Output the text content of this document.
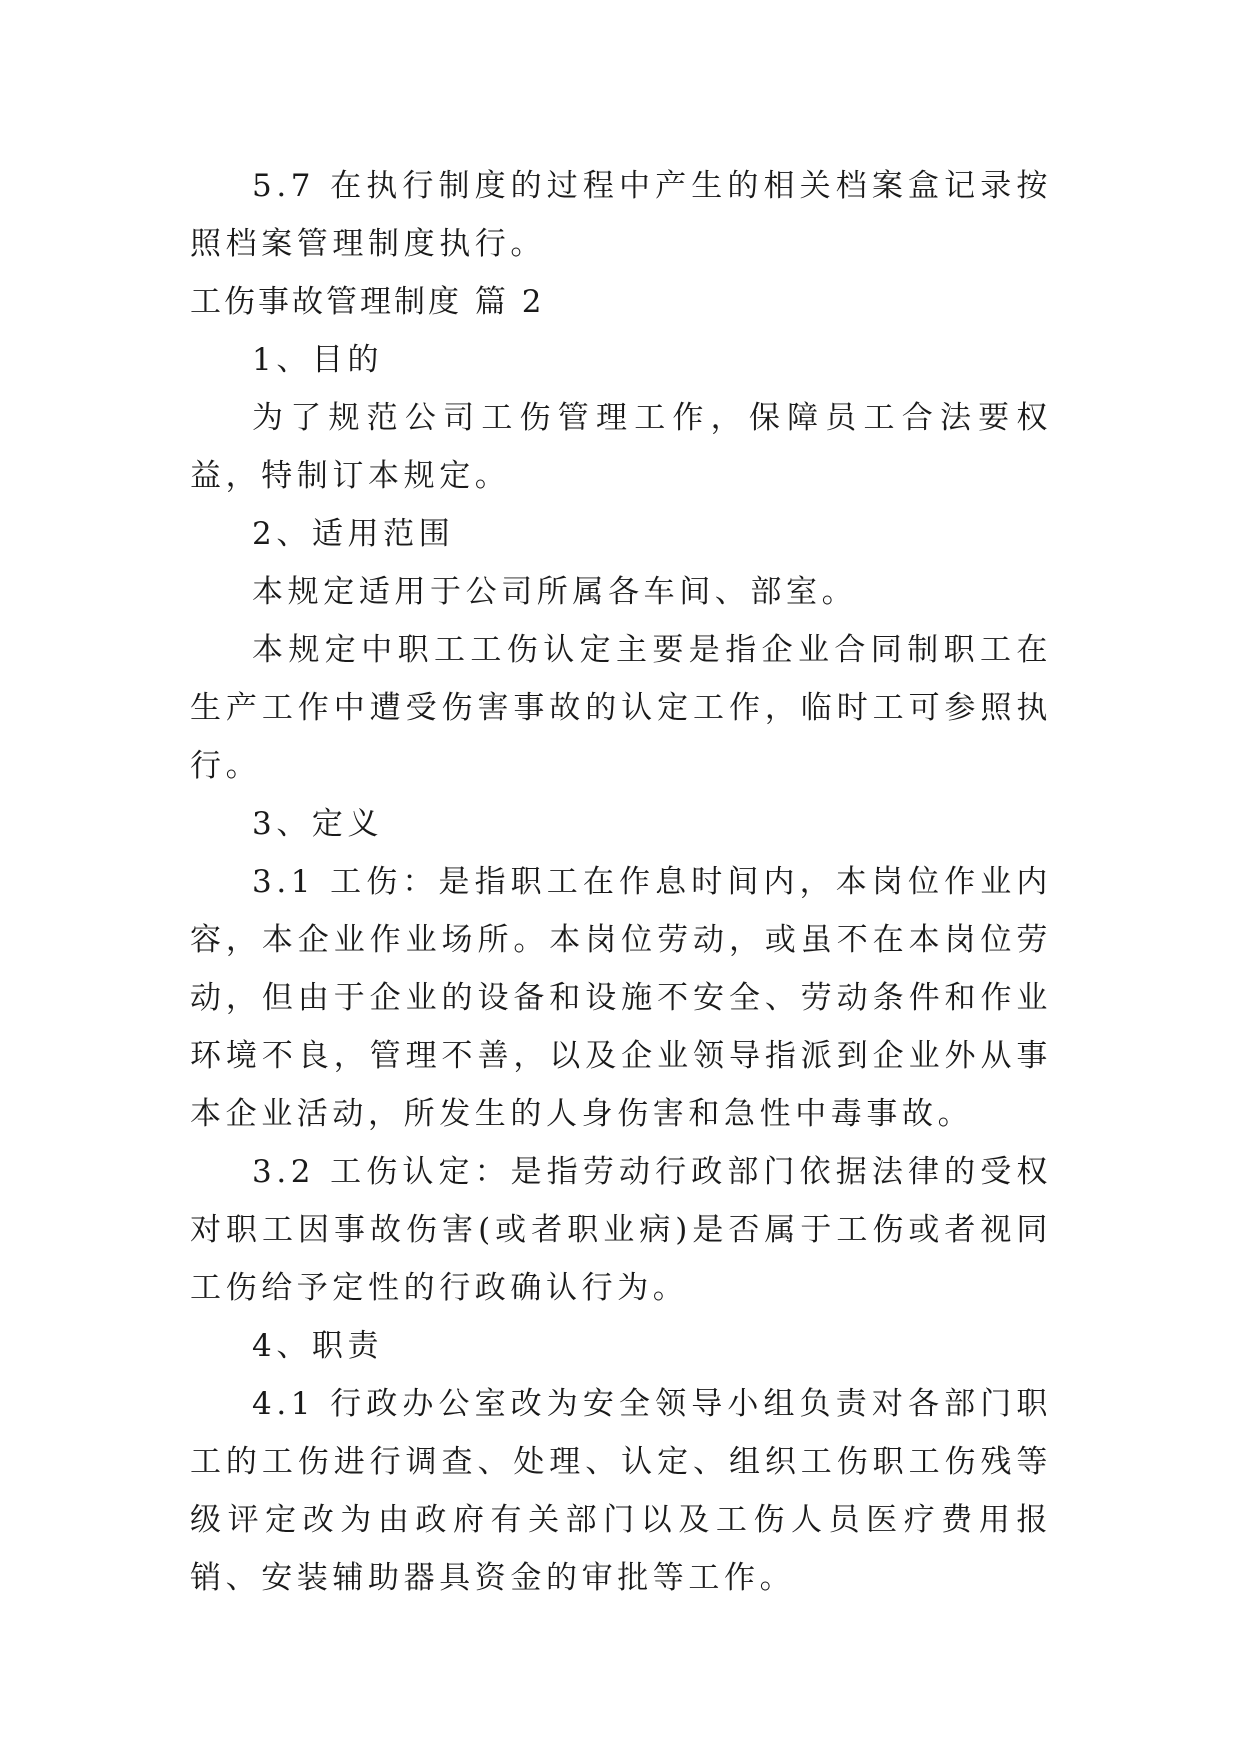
5.7 在执行制度的过程中产生的相关档案盒记录按照档案管理制度执行。

工伤事故管理制度 篇 2

1、目的

为了规范公司工伤管理工作，保障员工合法要权益，特制订本规定。

2、适用范围

本规定适用于公司所属各车间、部室。

本规定中职工工伤认定主要是指企业合同制职工在生产工作中遭受伤害事故的认定工作，临时工可参照执行。

3、定义

3.1 工伤：是指职工在作息时间内，本岗位作业内容，本企业作业场所。本岗位劳动，或虽不在本岗位劳动，但由于企业的设备和设施不安全、劳动条件和作业环境不良，管理不善，以及企业领导指派到企业外从事本企业活动，所发生的人身伤害和急性中毒事故。

3.2 工伤认定：是指劳动行政部门依据法律的受权对职工因事故伤害(或者职业病)是否属于工伤或者视同工伤给予定性的行政确认行为。

4、职责

4.1 行政办公室改为安全领导小组负责对各部门职工的工伤进行调查、处理、认定、组织工伤职工伤残等级评定改为由政府有关部门以及工伤人员医疗费用报销、安装辅助器具资金的审批等工作。
